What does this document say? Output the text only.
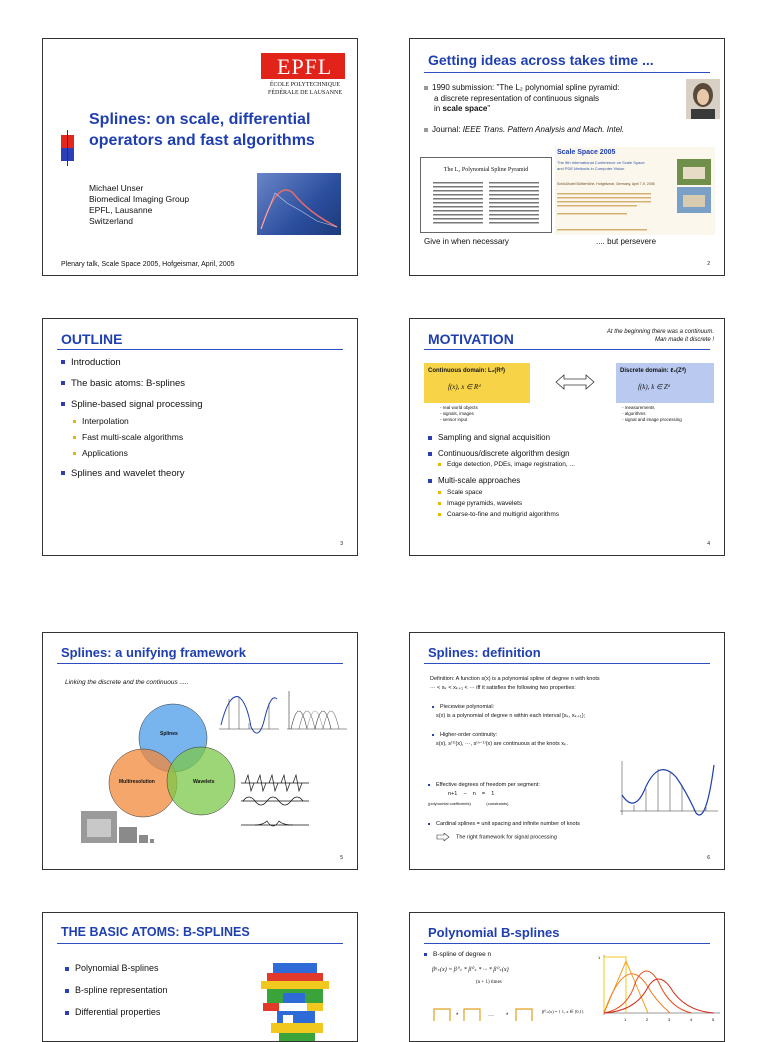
EPFL
ÉCOLE POLYTECHNIQUE
FÉDÉRALE DE LAUSANNE
Splines: on scale, differential
operators and fast algorithms
Michael Unser
Biomedical Imaging Group
EPFL, Lausanne
Switzerland
Plenary talk, Scale Space 2005, Hofgeismar, April, 2005
Getting ideas across takes time ...
1990 submission: "The L₂ polynomial spline pyramid:
a discrete representation of continuous signals
in scale space"
Journal: IEEE Trans. Pattern Analysis and Mach. Intel.
The L₂ Polynomial Spline Pyramid
Scale Space 2005
The 5th International Conference on Scale Space
and PDE Methods in Computer Vision
Schloßhotel Bühlerhöhe, Hofgeismar, Germany, April 7-9, 2005
Give in when necessary	.... but persevere
2
OUTLINE
Introduction
The basic atoms: B-splines
Spline-based signal processing
Interpolation
Fast multi-scale algorithms
Applications
Splines and wavelet theory
3
MOTIVATION	At the beginning there was a continuum.
Man made it discrete !
Continuous domain: L₂(Rᵈ)
f(x), x ∈ Rᵈ
Discrete domain: ℓ₂(Zᵈ)
f(k), k ∈ Zᵈ
- real world objects
- signals, images
- sensor input
- measurements
- algorithms
- signal and image processing
Sampling and signal acquisition
Continuous/discrete algorithm design
Edge detection, PDEs, image registration, ...
Multi-scale approaches
Scale space
Image pyramids, wavelets
Coarse-to-fine and multigrid algorithms
4
Splines: a unifying framework
Linking the discrete and the continuous .....
Splines
Multiresolution	Wavelets
5
Splines: definition
Definition: A function s(x) is a polynomial spline of degree n with knots
··· < xₖ < xₖ₊₁ < ··· iff it satisfies the following two properties:
Piecewise polynomial:
s(x) is a polynomial of degree n within each interval [xₖ, xₖ₊₁);
Higher-order continuity:
s(x), s⁽¹⁾(x), ···, s⁽ⁿ⁻¹⁾(x) are continuous at the knots xₖ.
Effective degrees of freedom per segment:
n+1    −    n    =    1
(polynomial coefficients)	(constraints)
Cardinal splines = unit spacing and infinite number of knots
The right framework for signal processing
6
THE BASIC ATOMS: B-SPLINES
Polynomial B-splines
B-spline representation
Differential properties
Polynomial B-splines
B-spline of degree n
βⁿ₊(x) = β⁰₊ * β⁰₊ * ··· * β⁰₊(x)
(n + 1) times
*	··· *
β⁰₊(x) = { 1, x ∈ [0,1)
1
1	2	3	4	5
